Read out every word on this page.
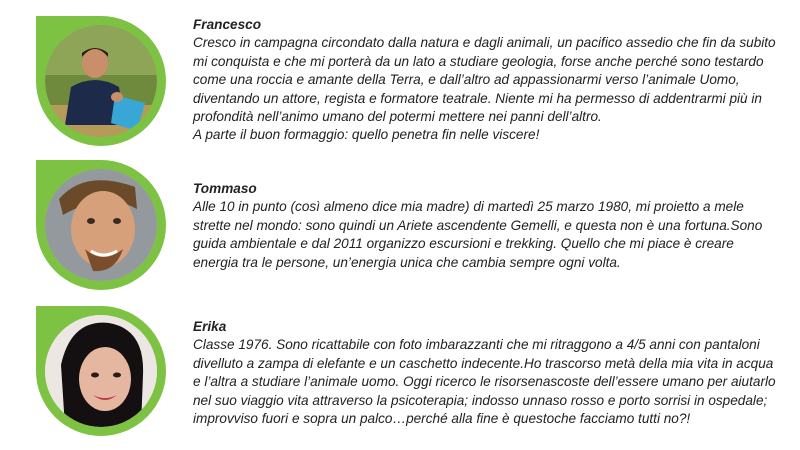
Francesco
Cresco in campagna circondato dalla natura e dagli animali, un pacifico assedio che fin da subito mi conquista e che mi porterà da un lato a studiare geologia, forse anche perché sono testardo come una roccia e amante della Terra, e dall’altro ad appassionarmi verso l’animale Uomo, diventando un attore, regista e formatore teatrale. Niente mi ha permesso di addentrarmi più in profondità nell’animo umano del potermi mettere nei panni dell’altro.
A parte il buon formaggio: quello penetra fin nelle viscere!
Tommaso
Alle 10 in punto (così almeno dice mia madre) di martedì 25 marzo 1980, mi proietto a mele strette nel mondo: sono quindi un Ariete ascendente Gemelli, e questa non è una fortuna.Sono guida ambientale e dal 2011 organizzo escursioni e trekking. Quello che mi piace è creare energia tra le persone, un’energia unica che cambia sempre ogni volta.
Erika
Classe 1976. Sono ricattabile con foto imbarazzanti che mi ritraggono a 4/5 anni con pantaloni divelluto a zampa di elefante e un caschetto indecente.Ho trascorso metà della mia vita in acqua e l’altra a studiare l’animale uomo. Oggi ricerco le risorsenascoste dell’essere umano per aiutarlo nel suo viaggio vita attraverso la psicoterapia; indosso unnaso rosso e porto sorrisi in ospedale; improvviso fuori e sopra un palco…perché alla fine è questoche facciamo tutti no?!
